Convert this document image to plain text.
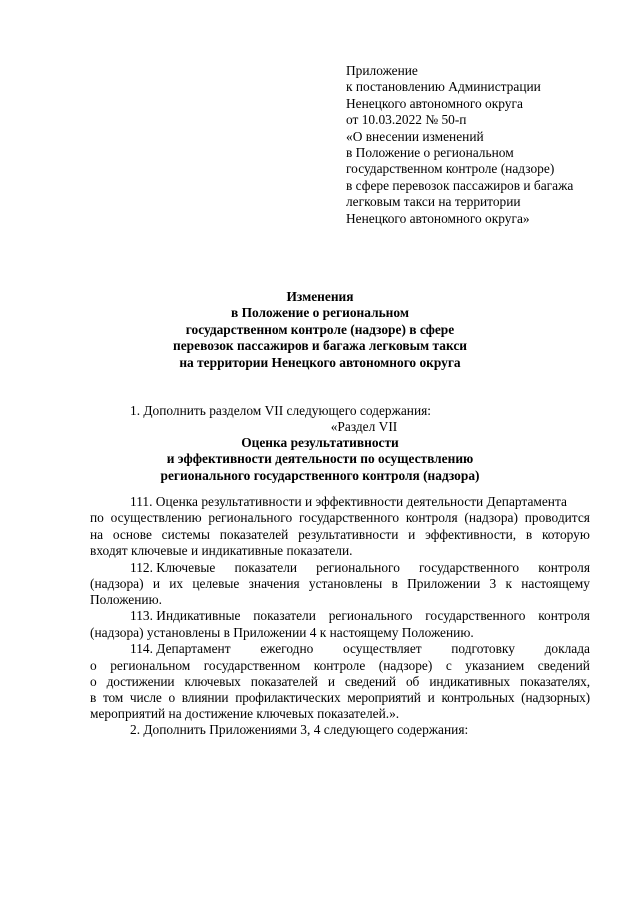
Приложение
к постановлению Администрации
Ненецкого автономного округа
от 10.03.2022 № 50-п
«О внесении изменений
в Положение о региональном
государственном контроле (надзоре)
в сфере перевозок пассажиров и багажа
легковым такси на территории
Ненецкого автономного округа»
Изменения
в Положение о региональном
государственном контроле (надзоре) в сфере
перевозок пассажиров и багажа легковым такси
на территории Ненецкого автономного округа
1. Дополнить разделом VII следующего содержания:
«Раздел VII
Оценка результативности
и эффективности деятельности по осуществлению
регионального государственного контроля (надзора)
111. Оценка результативности и эффективности деятельности Департамента
по осуществлению регионального государственного контроля (надзора) проводится
на основе системы показателей результативности и эффективности, в которую
входят ключевые и индикативные показатели.
112. Ключевые показатели регионального государственного контроля
(надзора) и их целевые значения установлены в Приложении 3 к настоящему
Положению.
113. Индикативные показатели регионального государственного контроля
(надзора) установлены в Приложении 4 к настоящему Положению.
114. Департамент ежегодно осуществляет подготовку доклада
о региональном государственном контроле (надзоре) с указанием сведений
о достижении ключевых показателей и сведений об индикативных показателях,
в том числе о влиянии профилактических мероприятий и контрольных (надзорных)
мероприятий на достижение ключевых показателей.».
2. Дополнить Приложениями 3, 4 следующего содержания:
